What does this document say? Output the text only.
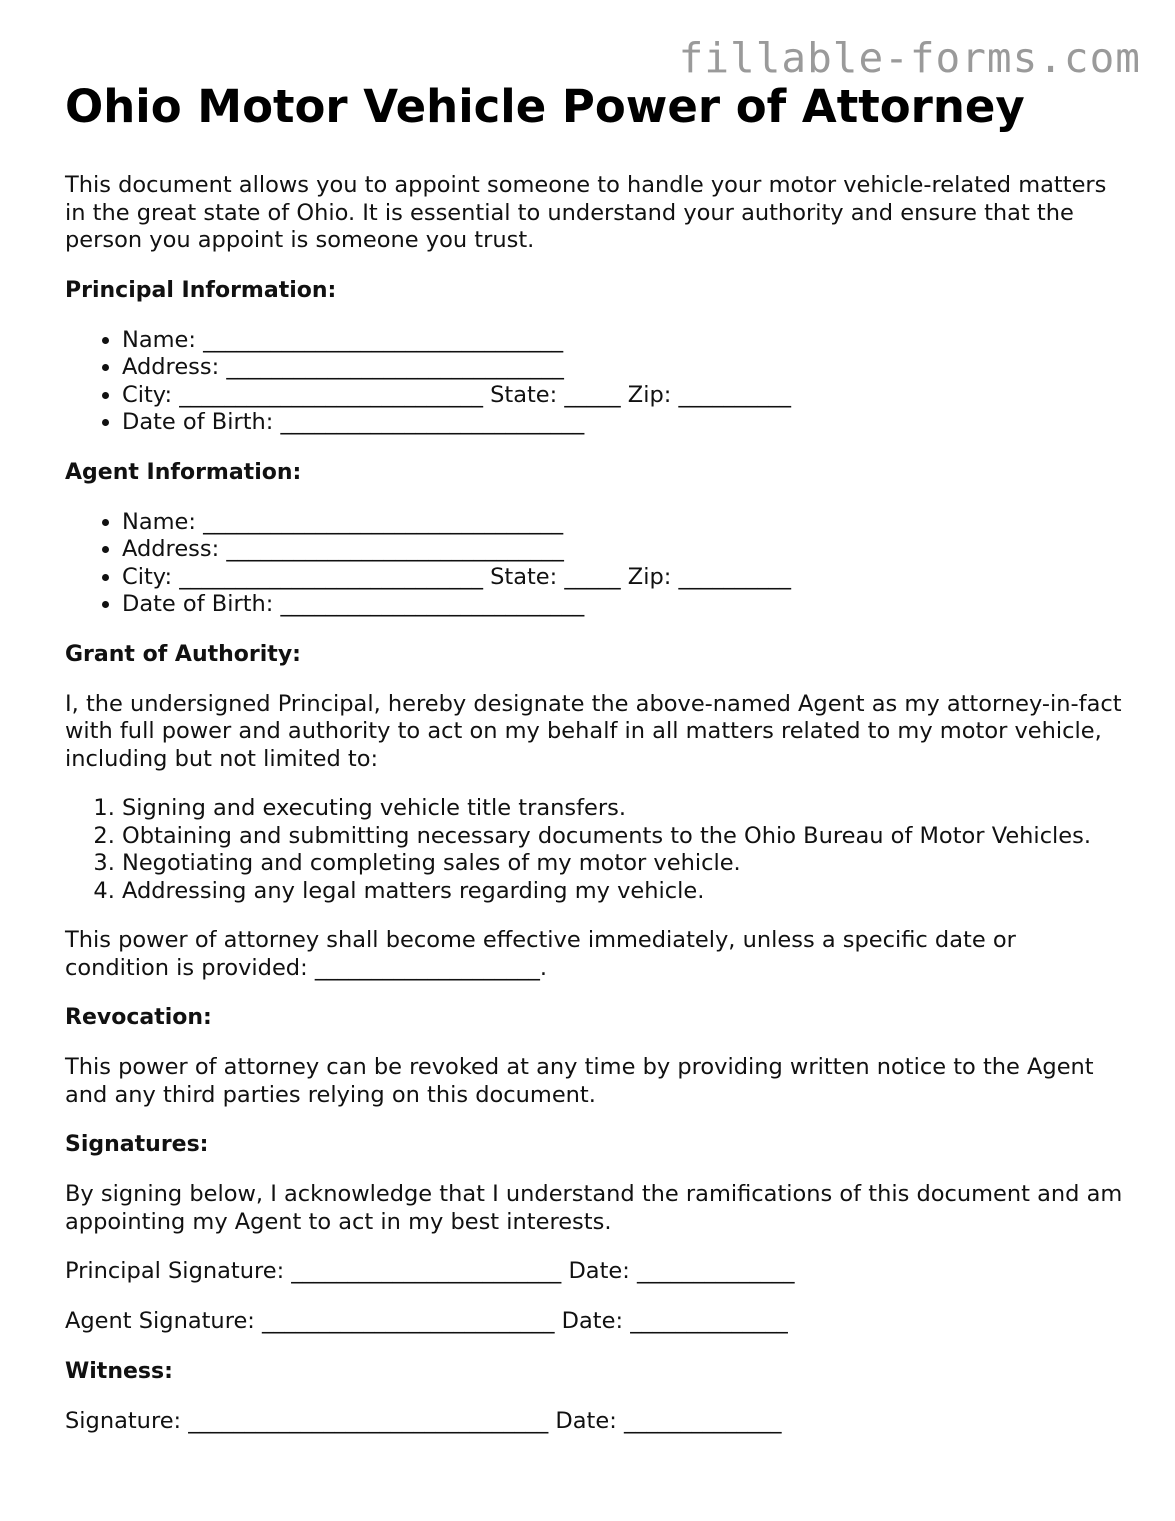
fillable-forms.com
Ohio Motor Vehicle Power of Attorney

This document allows you to appoint someone to handle your motor vehicle-related matters in the great state of Ohio. It is essential to understand your authority and ensure that the person you appoint is someone you trust.

Principal Information:
• Name: ________________________________
• Address: ______________________________
• City: ___________________________ State: _____ Zip: __________
• Date of Birth: ___________________________
Agent Information:
• Name: ________________________________
• Address: ______________________________
• City: ___________________________ State: _____ Zip: __________
• Date of Birth: ___________________________
Grant of Authority:

I, the undersigned Principal, hereby designate the above-named Agent as my attorney-in-fact with full power and authority to act on my behalf in all matters related to my motor vehicle, including but not limited to:

1. Signing and executing vehicle title transfers.
2. Obtaining and submitting necessary documents to the Ohio Bureau of Motor Vehicles.
3. Negotiating and completing sales of my motor vehicle.
4. Addressing any legal matters regarding my vehicle.

This power of attorney shall become effective immediately, unless a specific date or condition is provided: ____________________.

Revocation:

This power of attorney can be revoked at any time by providing written notice to the Agent and any third parties relying on this document.

Signatures:

By signing below, I acknowledge that I understand the ramifications of this document and am appointing my Agent to act in my best interests.

Principal Signature: ________________________ Date: ______________

Agent Signature: __________________________ Date: ______________

Witness:

Signature: ________________________________ Date: ______________
